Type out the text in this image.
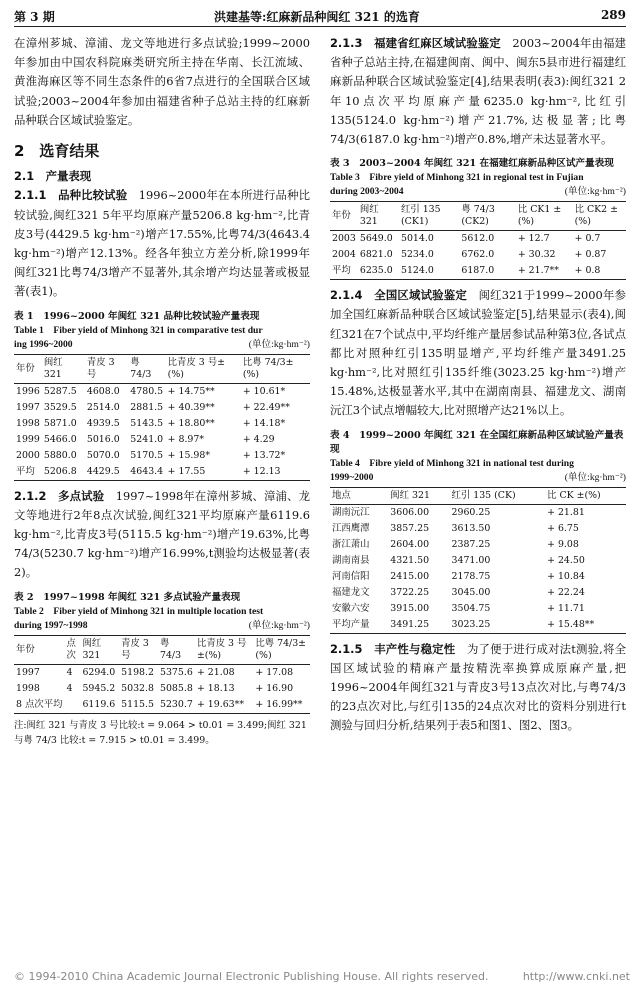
第 3 期	洪建基等:红麻新品种闽红 321 的选育	289

在漳州芗城、漳浦、龙文等地进行多点试验;1999~2000年参加由中国农科院麻类研究所主持在华南、长江流域、黄淮海麻区等不同生态条件的6省7点进行的全国联合区域试验;2003~2004年参加由福建省种子总站主持的红麻新品种联合区域试验鉴定。

2　选育结果
2.1　产量表现

2.1.1　品种比较试验　 1996~2000年在本所进行品种比较试验,闽红321 5年平均原麻产量5206.8 kg·hm⁻²,比青皮3号(4429.5 kg·hm⁻²)增产17.55%,比粤74/3(4643.4 kg·hm⁻²)增产12.13%。经各年独立方差分析,除1999年闽红321比粤74/3增产不显著外,其余增产均达显著或极显著(表1)。

表 1　1996~2000 年闽红 321 品种比较试验产量表现
Table 1　Fiber yield of Minhong 321 in comparative test dur
ing 1996~2000	(单位:kg·hm⁻²)
年份	闽红 321	青皮 3 号	粤 74/3	比青皮 3 号±(%)	比粤 74/3±(%)
1996	5287.5	4608.0	4780.5	+ 14.75**	+ 10.61*
1997	3529.5	2514.0	2881.5	+ 40.39**	+ 22.49**
1998	5871.0	4939.5	5143.5	+ 18.80**	+ 14.18*
1999	5466.0	5016.0	5241.0	+ 8.97*	+ 4.29
2000	5880.0	5070.0	5170.5	+ 15.98*	+ 13.72*
平均	5206.8	4429.5	4643.4	+ 17.55	+ 12.13

2.1.2　多点试验　 1997~1998年在漳州芗城、漳浦、龙文等地进行2年8点次试验,闽红321平均原麻产量6119.6 kg·hm⁻²,比青皮3号(5115.5 kg·hm⁻²)增产19.63%,比粤74/3(5230.7 kg·hm⁻²)增产16.99%,t测验均达极显著(表2)。

表 2　1997~1998 年闽红 321 多点试验产量表现
Table 2　Fiber yield of Minhong 321 in multiple location test
during 1997~1998	(单位:kg·hm⁻²)
年份	点次	闽红 321	青皮 3 号	粤 74/3	比青皮 3 号±(%)	比粤 74/3±(%)
1997	4	6294.0	5198.2	5375.6	+ 21.08	+ 17.08
1998	4	5945.2	5032.8	5085.8	+ 18.13	+ 16.90
8 点次平均		6119.6	5115.5	5230.7	+ 19.63**	+ 16.99**
注:闽红 321 与青皮 3 号比较:t = 9.064 > t0.01 = 3.499;闽红 321 与粤 74/3 比较:t = 7.915 > t0.01 = 3.499。

2.1.3　福建省红麻区域试验鉴定　 2003~2004年由福建省种子总站主持,在福建闽南、闽中、闽东5县市进行福建红麻新品种联合区域试验鉴定[4],结果表明(表3):闽红321 2年10点次平均原麻产量6235.0 kg·hm⁻²,比红引135(5124.0 kg·hm⁻²)增产21.7%,达极显著;比粤74/3(6187.0 kg·hm⁻²)增产0.8%,增产未达显著水平。

表 3　2003~2004 年闽红 321 在福建红麻新品种区试产量表现
Table 3　Fibre yield of Minhong 321 in regional test in Fujian
during 2003~2004	(单位:kg·hm⁻²)
年份	闽红 321	红引 135 (CK1)	粤 74/3 (CK2)	比 CK1 ±(%)	比 CK2 ±(%)
2003	5649.0	5014.0	5612.0	+ 12.7	+ 0.7
2004	6821.0	5234.0	6762.0	+ 30.32	+ 0.87
平均	6235.0	5124.0	6187.0	+ 21.7**	+ 0.8

2.1.4　全国区域试验鉴定　 闽红321于1999~2000年参加全国红麻新品种联合区域试验鉴定[5],结果显示(表4),闽红321在7个试点中,平均纤维产量居参试品种第3位,各试点都比对照种红引135明显增产,平均纤维产量3491.25 kg·hm⁻²,比对照红引135纤维(3023.25 kg·hm⁻²)增产15.48%,达极显著水平,其中在湖南南县、福建龙文、湖南沅江3个试点增幅较大,比对照增产达21%以上。

表 4　1999~2000 年闽红 321 在全国红麻新品种区域试验产量表现
Table 4　Fibre yield of Minhong 321 in national test during
1999~2000	(单位:kg·hm⁻²)
地点	闽红 321	红引 135 (CK)	比 CK ±(%)
湖南沅江	3606.00	2960.25	+ 21.81
江西鹰潭	3857.25	3613.50	+ 6.75
浙江萧山	2604.00	2387.25	+ 9.08
湖南南县	4321.50	3471.00	+ 24.50
河南信阳	2415.00	2178.75	+ 10.84
福建龙文	3722.25	3045.00	+ 22.24
安徽六安	3915.00	3504.75	+ 11.71
平均产量	3491.25	3023.25	+ 15.48**

2.1.5　丰产性与稳定性　 为了便于进行成对法t测验,将全国区域试验的精麻产量按精洗率换算成原麻产量,把1996~2004年闽红321与青皮3号13点次对比,与粤74/3的23点次对比,与红引135的24点次对比的资料分别进行t测验与回归分析,结果列于表5和图1、图2、图3。

© 1994-2010 China Academic Journal Electronic Publishing House. All rights reserved.	http://www.cnki.net
